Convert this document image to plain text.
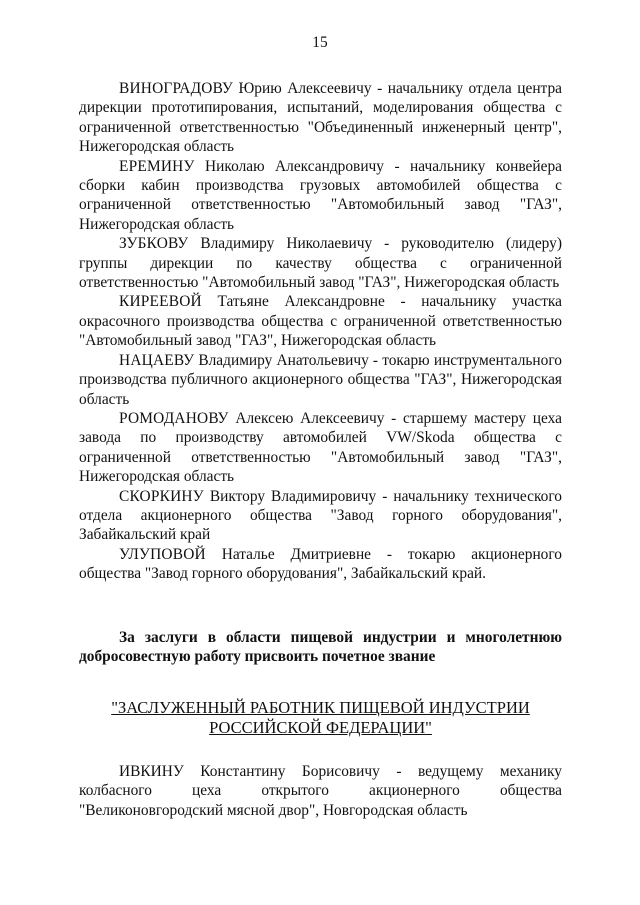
15

ВИНОГРАДОВУ Юрию Алексеевичу - начальнику отдела центра дирекции прототипирования, испытаний, моделирования общества с ограниченной ответственностью "Объединенный инженерный центр", Нижегородская область

ЕРЕМИНУ Николаю Александровичу - начальнику конвейера сборки кабин производства грузовых автомобилей общества с ограниченной ответственностью "Автомобильный завод "ГАЗ", Нижегородская область

ЗУБКОВУ Владимиру Николаевичу - руководителю (лидеру) группы дирекции по качеству общества с ограниченной ответственностью "Автомобильный завод "ГАЗ", Нижегородская область

КИРЕЕВОЙ Татьяне Александровне - начальнику участка окрасочного производства общества с ограниченной ответственностью "Автомобильный завод "ГАЗ", Нижегородская область

НАЦАЕВУ Владимиру Анатольевичу - токарю инструментального производства публичного акционерного общества "ГАЗ", Нижегородская область

РОМОДАНОВУ Алексею Алексеевичу - старшему мастеру цеха завода по производству автомобилей VW/Skoda общества с ограниченной ответственностью "Автомобильный завод "ГАЗ", Нижегородская область

СКОРКИНУ Виктору Владимировичу - начальнику технического отдела акционерного общества "Завод горного оборудования", Забайкальский край

УЛУПОВОЙ Наталье Дмитриевне - токарю акционерного общества "Завод горного оборудования", Забайкальский край.

За заслуги в области пищевой индустрии и многолетнюю добросовестную работу присвоить почетное звание

"ЗАСЛУЖЕННЫЙ РАБОТНИК ПИЩЕВОЙ ИНДУСТРИИ
РОССИЙСКОЙ ФЕДЕРАЦИИ"

ИВКИНУ Константину Борисовичу - ведущему механику колбасного цеха открытого акционерного общества "Великоновгородский мясной двор", Новгородская область
